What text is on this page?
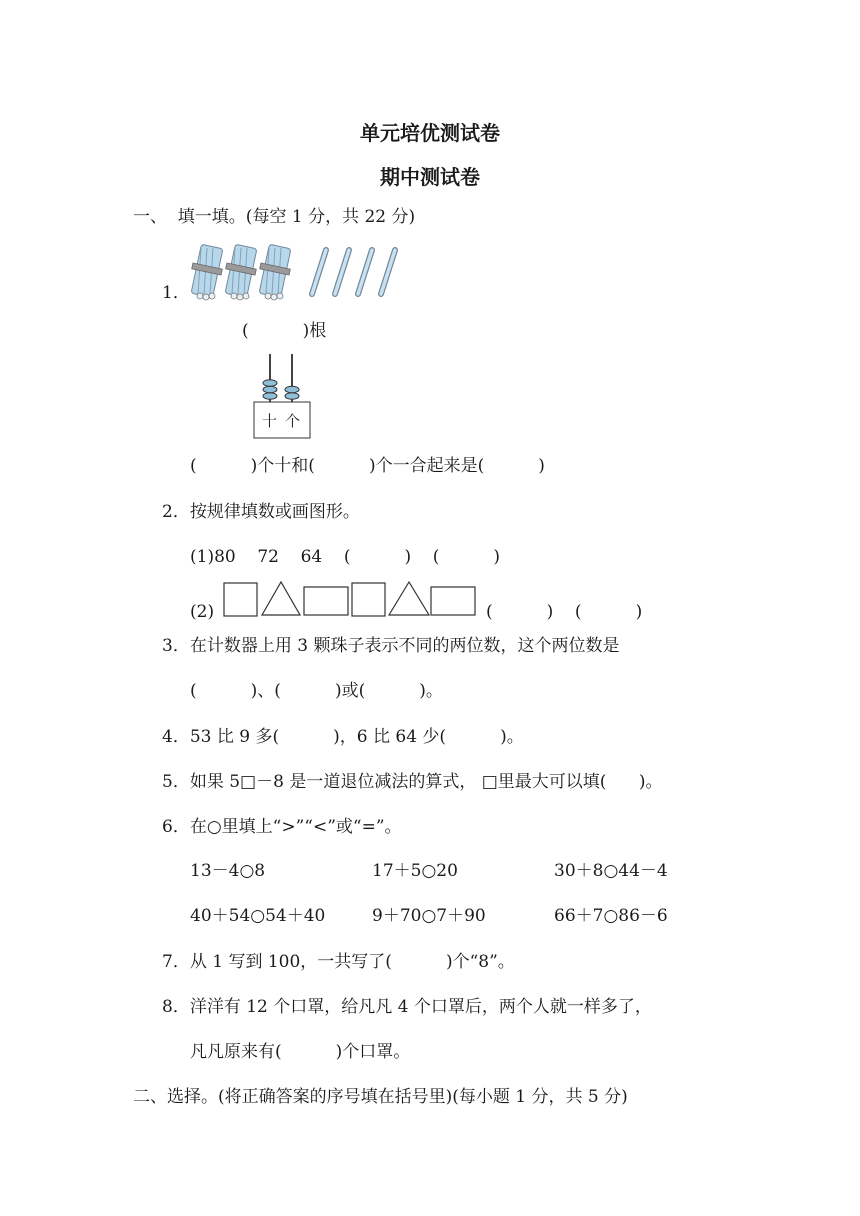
单元培优测试卷
期中测试卷
一、  填一填。(每空 1 分，共 22 分)
1．
(          )根
十 个
(          )个十和(          )个一合起来是(          )
2．按规律填数或画图形。
(1)80    72    64    (          )    (          )
(2)	(          )    (          )
3．在计数器上用 3 颗珠子表示不同的两位数，这个两位数是
(          )、(          )或(          )。
4．53 比 9 多(          )，6 比 64 少(          )。
5．如果 5□－8 是一道退位减法的算式， □里最大可以填(      )。
6．在○里填上“>”“<”或“=”。
13－4○8	17＋5○20	30＋8○44－4
40＋54○54＋40	9＋70○7＋90	66＋7○86－6
7．从 1 写到 100，一共写了(          )个“8”。
8．洋洋有 12 个口罩，给凡凡 4 个口罩后，两个人就一样多了，
凡凡原来有(          )个口罩。
二、选择。(将正确答案的序号填在括号里)(每小题 1 分，共 5 分)
